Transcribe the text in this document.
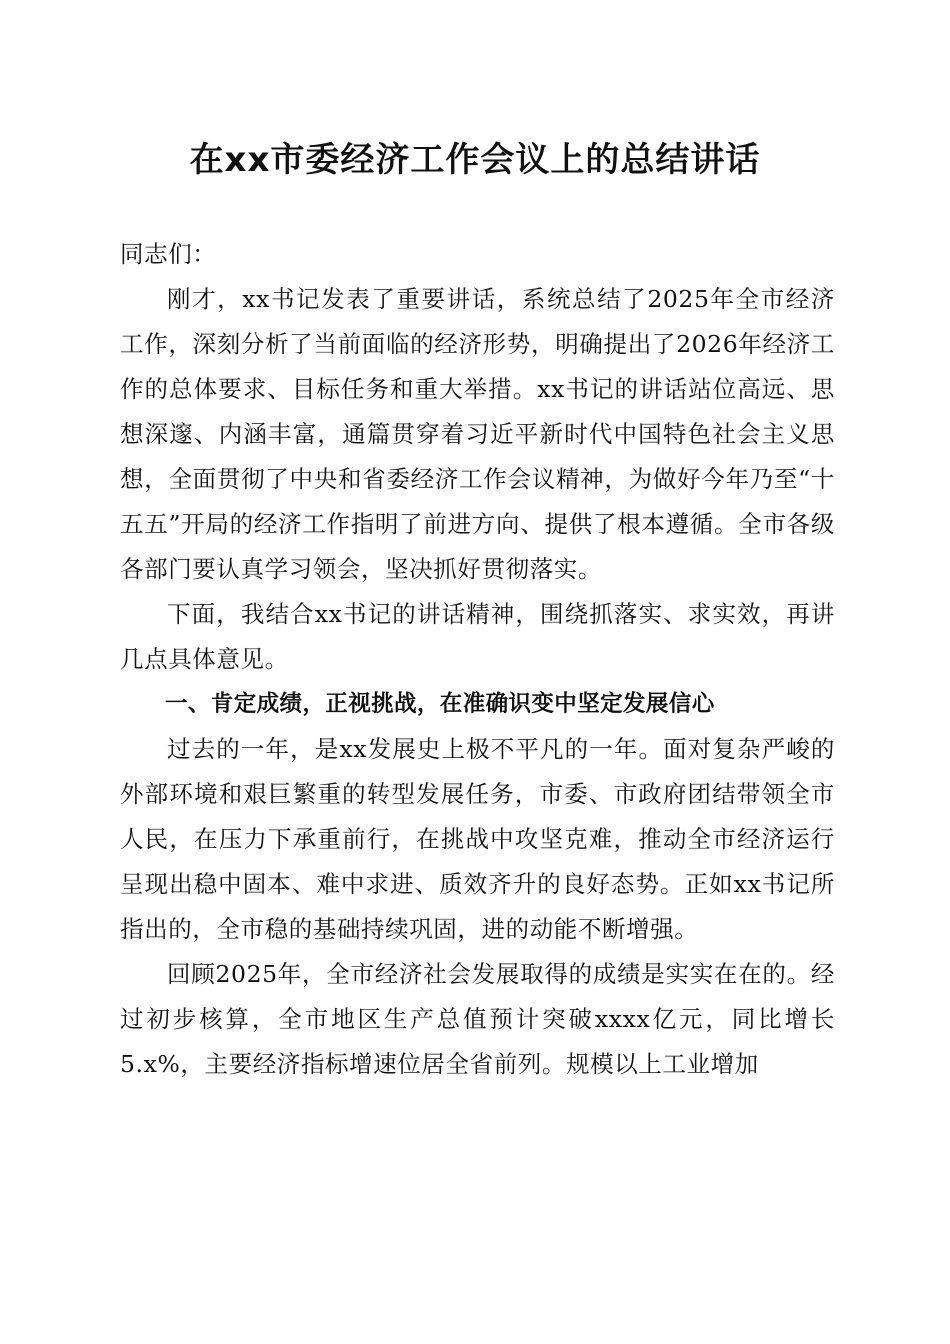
在xx市委经济工作会议上的总结讲话

同志们：

刚才，xx书记发表了重要讲话，系统总结了2025年全市经济工作，深刻分析了当前面临的经济形势，明确提出了2026年经济工作的总体要求、目标任务和重大举措。xx书记的讲话站位高远、思想深邃、内涵丰富，通篇贯穿着习近平新时代中国特色社会主义思想，全面贯彻了中央和省委经济工作会议精神，为做好今年乃至“十五五”开局的经济工作指明了前进方向、提供了根本遵循。全市各级各部门要认真学习领会，坚决抓好贯彻落实。

下面，我结合xx书记的讲话精神，围绕抓落实、求实效，再讲几点具体意见。

一、肯定成绩，正视挑战，在准确识变中坚定发展信心

过去的一年，是xx发展史上极不平凡的一年。面对复杂严峻的外部环境和艰巨繁重的转型发展任务，市委、市政府团结带领全市人民，在压力下承重前行，在挑战中攻坚克难，推动全市经济运行呈现出稳中固本、难中求进、质效齐升的良好态势。正如xx书记所指出的，全市稳的基础持续巩固，进的动能不断增强。

回顾2025年，全市经济社会发展取得的成绩是实实在在的。经过初步核算，全市地区生产总值预计突破xxxx亿元，同比增长5.x%，主要经济指标增速位居全省前列。规模以上工业增加
